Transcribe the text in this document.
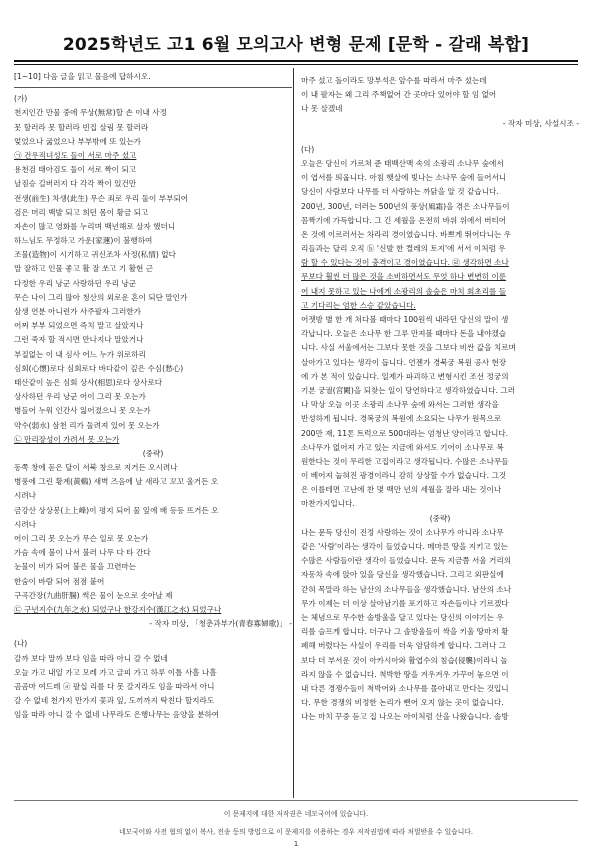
2025학년도 고1 6월 모의고사 변형 문제 [문학 - 갈래 복합]
[1~10] 다음 글을 읽고 물음에 답하시오.
(가)
천지인간 만물 중에 무상(無常)할 손 이내 사정
못 할러라 못 할러라 빈집 살림 못 할러라
엊었으나 굶었으나 부부밖에 또 있는가
㉠ 건우직녀성도 들이 서로 마주 섰고
용천검 태아검도 둘이 서로 짝이 되고
날짐승 길버러지 다 각각 짝이 있건만
전생(前生) 차생(此生) 무슨 죄로 우리 둘이 부부되어
검은 머리 백발 되고 희던 몸이 황금 되고
자손이 많고 영화를 누리며 백년해로 살자 했더니
하느님도 무정하고 가운(家運)이 불행하여
조물(造物)이 시기하고 귀신조차 사정(私情) 없다
말 잘하고 인물 좋고 활 잘 쏘고 기 활현 근
다정한 우리 낭군 사랑하던 우리 낭군
무슨 나이 그리 많아 청산의 외로운 혼이 되단 말인가
삼생 연분 아니런가 사주팔자 그러한가
어찌 부부 되었으면 즉치 말고 살았지나
그런 죽자 할 적시면 만나지나 말았거나
부질없는 이 내 심사 어느 누가 위로하리
심회(心懷)로다 심회로다 바다같이 깊은 수심(愁心)
태산같이 높은 심회 상사(相思)로다 상사로다
상사하던 우리 낭군 어이 그리 못 오는가
병들어 누워 인간사 잃어졌으니 못 오는가
약수(弱水) 삼천 리가 둘려져 있어 못 오는가
㉡ 만리장성이 가려서 못 오는가
(중략)
동쪽 창에 돋은 달이 서북 창으로 지거든 오시려나
병풍에 그린 황계(黃鷄) 새벽 즈음에 날 새라고 꼬꼬 울거든 오
시려나
금강산 상상봉(上上峰)이 평지 되어 물 잎에 배 등등 뜨거든 오
시려나
어이 그리 못 오는가 무슨 일로 못 오는가
가슴 속에 불이 나서 불러 나무 다 타 간다
눈물이 비가 되어 불은 물을 끄련마는
한숨이 바람 되어 점점 붙어
구곡간장(九曲肝腸) 썩은 물이 눈으로 솟아날 제
㉢ 구년지수(九年之水) 되었구나 한강지수(漢江之水) 되었구나
- 작자 미상, 「청춘과부가(青春寡婦歌)」 -
(나)
갈까 보다 말까 보다 임을 따라 아니 갈 수 없네
오늘 가고 내일 가고 모레 가고 글피 가고 하루 이틀 사흘 나흘
곰곰마 여드레 ⓐ 팔십 리를 다 못 갈지라도 임을 따라서 아니
갈 수 없네 천가지 만가지 꽃과 잎, 도끼까지 탁친다 할지라도
임을 따라 아니 갈 수 없네 나무라도 은행나무는 음양을 분하여
마주 섰고 돌이라도 망부석은 앞수를 따라서 마주 섰는데
이 내 팔자는 왜 그리 주책없어 간 곳마다 있어야 할 임 없어
나 못 살겠네
- 작자 미상, 사설시조 -
(다)
오늘은 당신이 가르쳐 준 태백산맥 속의 소광리 소나무 숲에서
이 엽서를 띄웁니다. 아침 햇살에 빛나는 소나무 숲에 들어서니
당신이 사람보다 나무를 더 사랑하는 까닭을 알 것 같습니다.
200년, 300년, 더러는 500년의 풍상(風霜)을 겪은 소나무들이
꼼짝기에 가득합니다. 그 긴 세월을 온전히 바위 위에서 버티어
온 것에 이르러서는 차라리 경이였습니다. 바쁘게 뛰어다니는 우
리들과는 달리 오직 ⓑ '신발 한 켤레의 토지'에 서서 이처럼 우
람 할 수 있다는 것이 충격이고 경이였습니다. ㉣ 생각하면 소나
무보다 훨씬 더 많은 것을 소비하면서도 무엇 하나 변변히 이룬
어 내지 못하고 있는 나에게 소광리의 솔숲은 마치 회초리를 들
고 기다리는 엄한 스승 같았습니다.
어젯밤 별 한 개 쳐다볼 때마다 100원씩 내라던 당신의 말이 생
각납니다. 오늘은 소나무 한 그루 만져볼 때마다 돈을 내야겠습
니다. 사실 서울에서는 그보다 못한 것을 그보다 비싼 값을 치르며
살아가고 있다는 생각이 듭니다. 언젠가 경북궁 복원 공사 현장
에 가 본 적이 있습니다. 일제가 파괴하고 변형시킨 조선 정궁의
기본 궁궐(宮闕)을 되찾는 일이 당연하다고 생각하였습니다. 그러
나 막상 오늘 이곳 소광리 소나무 숲에 와서는 그러한 생각을
반성하게 됩니다. 경복궁의 복원에 소요되는 나무가 원목으로
200만 재, 11톤 트럭으로 500대라는 엄청난 양이라고 합니다.
소나무가 없어져 가고 있는 지금에 와서도 기어이 소나무로 복
원한다는 것이 무리한 고집이라고 생각됩니다. 수많은 소나무들
이 베어져 눕혀진 광경이라니 감히 상상할 수가 없습니다. 그것
은 이를테면 고난에 찬 몇 백만 년의 세월을 잘라 내는 것이나
마찬가지입니다.
(중략)
나는 문득 당신이 진정 사랑하는 것이 소나무가 아니라 소나무
같은 '사람'이라는 생각이 들었습니다. 메마른 땅을 지키고 있는
수많은 사람들이란 생각이 들었습니다. 문득 지금쯤 서울 거리의
자동차 속에 앉아 있을 당신을 생각했습니다. 그리고 외판실에
갇혀 목말라 하는 남산의 소나무들을 생각했습니다. 남산의 소나
무가 이제는 더 이상 살아남기를 포기하고 자손들이나 기르겠다
는 체념으로 무수한 솔방울을 달고 있다는 당신의 이야기는 우
리를 슬프게 합니다. 더구나 그 솔방울들이 싹을 키울 땅마저 황
폐해 버렸다는 사실이 우리를 더욱 암담하게 합니다. 그러나 그
보다 더 부서운 것이 아카시아와 활엽수의 침습(侵襲)이라니 놀
라지 않을 수 없습니다. 척박한 땅을 겨우겨우 가꾸어 놓으면 이
내 다른 경쟁수들이 척박어와 소나무를 몰아내고 만다는 것입니
다. 무한 경쟁의 비정한 논리가 뻔어 오지 않는 곳이 없습니다.
나는 마치 꾸중 듣고 집 나오는 아이처럼 산을 나왔습니다. 솔방
이 문제지에 대한 저작권은 네모국어에 있습니다.
네모국어와 사전 협의 없이 복사, 전송 등의 방법으로 이 문제지를 이용하는 경우 저작권법에 따라 처벌받을 수 있습니다.
1
